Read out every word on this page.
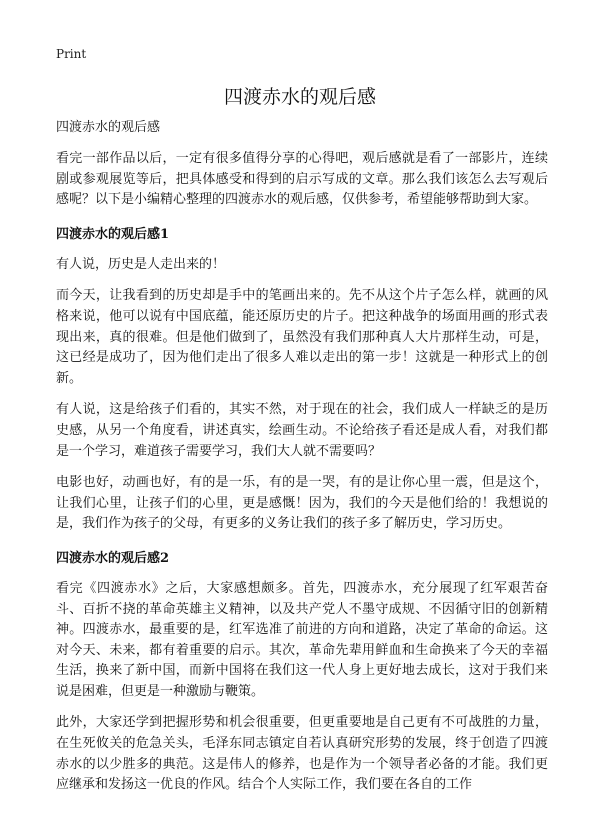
Print
四渡赤水的观后感
四渡赤水的观后感

看完一部作品以后，一定有很多值得分享的心得吧，观后感就是看了一部影片，连续剧或参观展览等后，把具体感受和得到的启示写成的文章。那么我们该怎么去写观后感呢？以下是小编精心整理的四渡赤水的观后感，仅供参考，希望能够帮助到大家。

四渡赤水的观后感1

有人说，历史是人走出来的！

而今天，让我看到的历史却是手中的笔画出来的。先不从这个片子怎么样，就画的风格来说，他可以说有中国底蕴，能还原历史的片子。把这种战争的场面用画的形式表现出来，真的很难。但是他们做到了，虽然没有我们那种真人大片那样生动，可是，这已经是成功了，因为他们走出了很多人难以走出的第一步！这就是一种形式上的创新。

有人说，这是给孩子们看的，其实不然，对于现在的社会，我们成人一样缺乏的是历史感，从另一个角度看，讲述真实，绘画生动。不论给孩子看还是成人看，对我们都是一个学习，难道孩子需要学习，我们大人就不需要吗？

电影也好，动画也好，有的是一乐，有的是一哭，有的是让你心里一震，但是这个，让我们心里，让孩子们的心里，更是感慨！因为，我们的今天是他们给的！我想说的是，我们作为孩子的父母，有更多的义务让我们的孩子多了解历史，学习历史。

四渡赤水的观后感2

看完《四渡赤水》之后，大家感想颇多。首先，四渡赤水，充分展现了红军艰苦奋斗、百折不挠的革命英雄主义精神，以及共产党人不墨守成规、不因循守旧的创新精神。四渡赤水，最重要的是，红军选准了前进的方向和道路，决定了革命的命运。这对今天、未来，都有着重要的启示。其次，革命先辈用鲜血和生命换来了今天的幸福生活，换来了新中国，而新中国将在我们这一代人身上更好地去成长，这对于我们来说是困难，但更是一种激励与鞭策。

此外，大家还学到把握形势和机会很重要，但更重要地是自己更有不可战胜的力量，在生死攸关的危急关头，毛泽东同志镇定自若认真研究形势的发展，终于创造了四渡赤水的以少胜多的典范。这是伟人的修养，也是作为一个领导者必备的才能。我们更应继承和发扬这一优良的作风。结合个人实际工作，我们要在各自的工作
